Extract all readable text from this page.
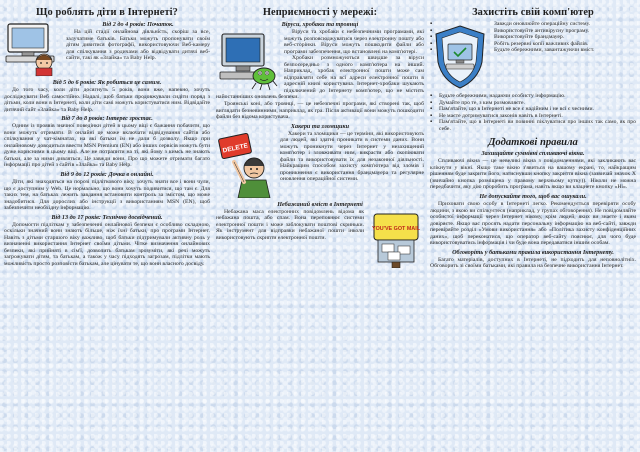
Що роблять діти в Інтернеті?
Від 2 до 4 років: Початок.

На цій стадії онлайнова діяльність, скоріш за все, залучатиме батьків. Батьки можуть пропонувати своїм дітям дивитися фотографії, використовуючи Веб-камеру для спілкування з родичами або відвідувати дитячі веб-сайти, такі як «Злайка» та Baby Help.

Від 5 до 6 років: Як робиться це самим.

До того часу, коли діти досягнуть 5 років, вони вже, напевно, хочуть досліджувати Веб самостійно. Надалі, щоб батьки продовжували сидіти поряд з дітьми, коли вони в Інтернеті, коли діти самі можуть користуватися ним. Відвідайте дитячий сайт «Злайка» та Baby Help.

Від 7 до 8 років: Інтерес зростає.

Одним із проявів значної поведінки дітей в цьому віці є бажання побачити, що вони можуть отримати. В онлайні це може включати відвідування сайтів або спілкування у чат-кімнатах, на які батьки їм не дали б дозволу. Якщо при онлайновому доводиться ввести MSN Premium (EN) або інших сервісів можуть бути дуже корисними в цьому віці. Але не потрапити на ті, які йому з кимсь не знають батьки, але за ними дивляться. Це завжди вони. Про що можете отримати багато інформації про дітей з сайтів «Злайка» та Baby Help.

Від 9 до 12 років: Дочка в онлайні.

Діти, які знаходяться на порозі підліткового віку, хочуть знати все і вони чули, що є доступним у Web. Це нормально, що вони хочуть подивитися, що там є. Для таких тем, на батьках лежить завдання встановити контроль за змістом, що може знадобитися. Для дорослих або інструкції з використанням MSN (EN), щоб забезпечити необхідну інформацію.

Від 13 до 17 років: Технічно досвідчений.

Допомогти підліткам у забезпеченні онлайнової безпеки є особливо складною, оскільки значний вони знають більше, ніж їхні батьки, про програми Інтернет. Навіть з дітьми старшого віку важливо, щоб батьки підтримували активну роль у визначенні використання Інтернет своїми дітьми. Чітке визначення онлайнових безпеки, які прийняті в сім'ї, дозволить батькам зрозуміти, які речі можуть загрожувати дітям, та батькам, а також у часу підходять загрозам, підлітки мають можливість просто розповісти батькам, але цінувати те, що вони власного досвіду.

Неприємності у мережі:
Віруси, хробаки та троянці

Віруси та хробаки є небезпечними програмами, які можуть розповсюджуватися через електронну пошту або веб-сторінки. Віруси можуть пошкодити файли або програми забезпечення, що встановлені на комп'ютері.

Хробаки розмножуються швидше за віруси безпосередньо з одного комп'ютера на інший. Наприклад, хробак електронної пошти може сам відправляти себе на всі адреси електронної пошти в адресній книзі користувача. Інтернет-хробаки шукають підключений до Інтернету комп'ютер, що не містить найостанніших оновлень безпеки.

Троянські коні, або троянці, — це небезпечні програми, які створені так, щоб виглядати безневинними, наприклад, як гра. Після активації вони можуть пошкодити файли без відома користувача.

Хакери та зломщики
DELETE

Хакери та зломщики — це терміни, які використовують для людей, які здатні проникати в системи даних. Вони можуть проникнути через Інтернет у незахищений комп'ютер і зловживати ним, викрасти або скопіювати файли та використовувати їх для незаконної діяльності. Найкращим способом захисту комп'ютера від зломів і проникнення є використання брандмауера та регулярне оновлення операційної системи.

Небажаний вміст в Інтернеті
YOU'VE GOT MAIL

Небажана маса електронних повідомлень відома як небажана пошта, або спам. Вона переповнює системи електронної пошти і може заблокувати поштові скриньки. Як інструмент для відправки небажаної пошти інколи використовують скрипти електронної пошти.

Захистіть свій комп'ютер
▪ Завжди оновлюйте операційну систему.
▪ Використовуйте антивірусну програму.
▪ Використовуйте брандмауер.
▪ Робіть резервні копії важливих файлів.
▪ Будьте обережними, завантажуючи вміст.
▪ Будьте обережними, надаючи особисту інформацію.
▪ Думайте про те, з ким розмовляєте.
▪ Пам'ятайте, що в Інтернеті не все є надійним і не всі є чесними.
▪ Не маєте дотримуватися законів навіть в Інтернеті.
▪ Пам'ятайте, що в Інтернеті ви повинні піклуватися про інших так само, як про себе.
Додаткові правила
Захищайте сумнівні спливаючі вікна.

Спливаючі вікна — це невеликі вікна з повідомленнями, які закликають вас клікнути у вікні. Якщо таке вікно з'явиться на вашому екрані, то, найкращим рішенням буде закрити його, натиснувши кнопку закриття вікна (зазвичай значок Х (звичайно кнопка розміщена у правому верхньому кутку)). Ніколи не можна передбачити, яку дію проробить програма, навіть якщо ви клацнете кнопку «Ні».

Не допускайте того, щоб вас ошукали.

Приховати свою особу в Інтернеті легко. Рекомендується перевіряти особу людини, з якою ви спілкуєтеся (наприклад, у групах обговорення). Не повідомляйте особистої інформації через Інтернет нікому, крім людей, яких ви знаєте і яким довіряєте. Якщо вас просять надати персональну інформацію на веб-сайті, завжди перевіряйте розділ «Умови використання» або «Політика захисту конфіденційних даних», щоб переконатися, що оператор веб-сайту пояснює, для чого буде використовуватись інформація і чи буде вона передаватися іншим особам.

Обговоріть у батьками правила використання Інтернету.

Багато матеріалів, доступних в Інтернеті, не підходить для неповнолітніх. Обговорить зі своїми батьками, які правила на безпечне використання Інтернет.
